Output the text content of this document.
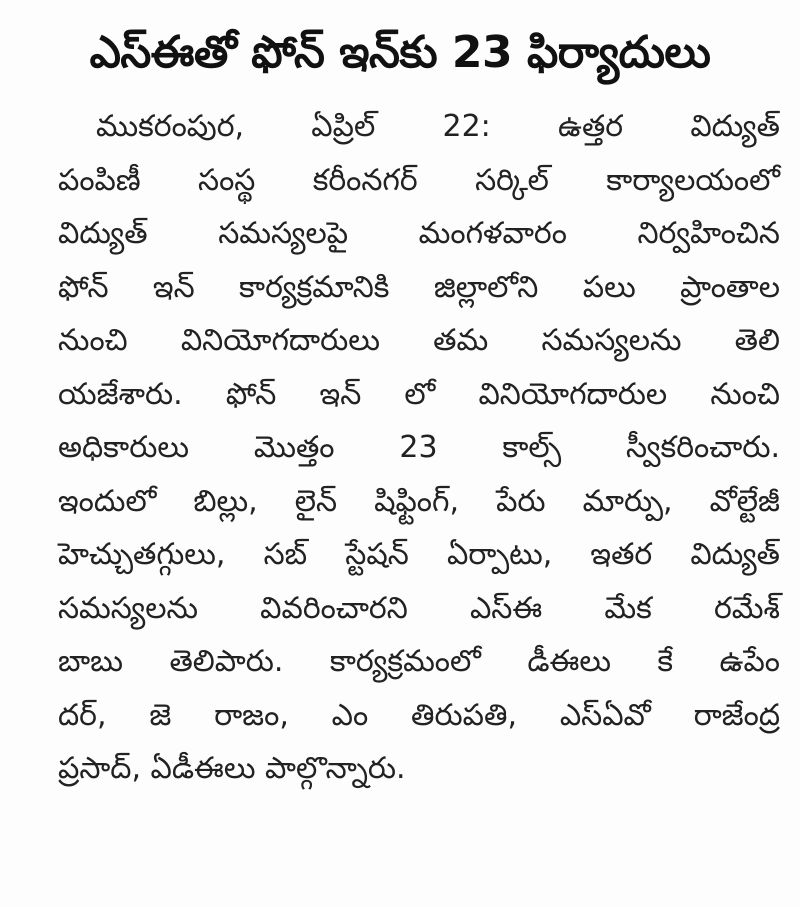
ఎస్ఈతో ఫోన్ ఇన్‌కు 23 ఫిర్యాదులు
ముకరంపుర, ఏప్రిల్ 22: ఉత్తర విద్యుత్
పంపిణీ సంస్థ కరీంనగర్ సర్కిల్ కార్యాలయంలో
విద్యుత్ సమస్యలపై మంగళవారం నిర్వహించిన
ఫోన్ ఇన్ కార్యక్రమానికి జిల్లాలోని పలు ప్రాంతాల
నుంచి వినియోగదారులు తమ సమస్యలను తెలి
యజేశారు. ఫోన్ ఇన్ లో వినియోగదారుల నుంచి
అధికారులు మొత్తం 23 కాల్స్ స్వీకరించారు.
ఇందులో బిల్లు, లైన్ షిఫ్టింగ్, పేరు మార్పు, వోల్టేజీ
హెచ్చుతగ్గులు, సబ్ స్టేషన్ ఏర్పాటు, ఇతర విద్యుత్
సమస్యలను వివరించారని ఎస్ఈ మేక రమేశ్
బాబు తెలిపారు. కార్యక్రమంలో డీఈలు కే ఉపేం
దర్, జె రాజం, ఎం తిరుపతి, ఎస్ఏవో రాజేంద్ర
ప్రసాద్, ఏడీఈలు పాల్గొన్నారు.
